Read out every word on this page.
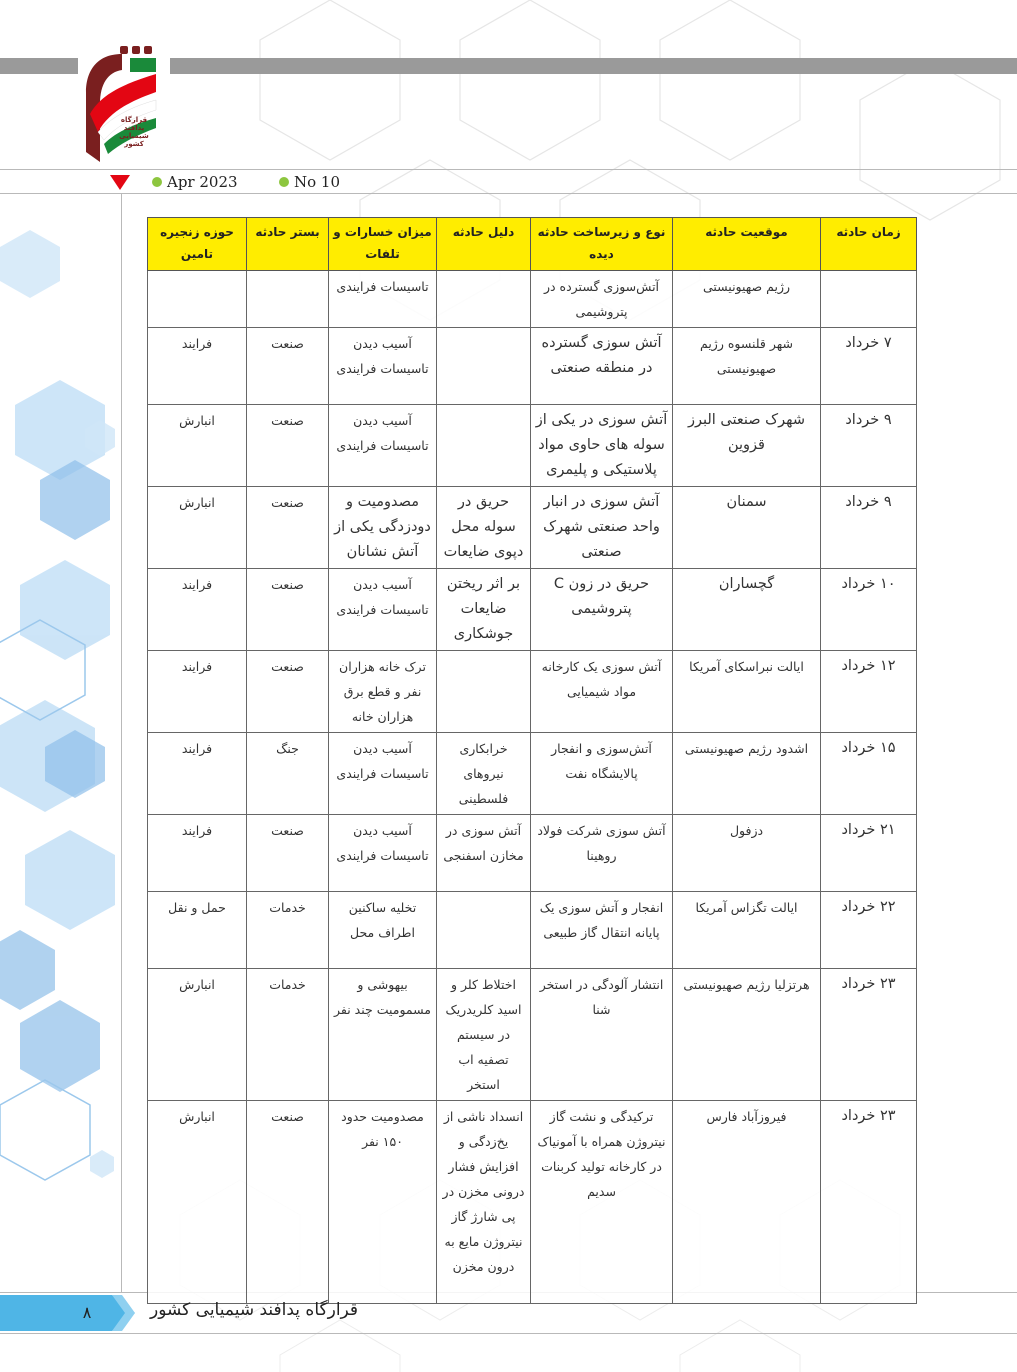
قرارگاه
پدافند
شیمیایی
کشور
Apr 2023	No 10
زمان حادثه	موقعیت حادثه	نوع و زیرساخت حادثه دیده	دلیل حادثه	میزان خسارات و تلفات	بستر حادثه	حوزه زنجیره تامین
	رژیم صهیونیستی	آتش‌سوزی گسترده در پتروشیمی		تاسیسات فرایندی		
۷ خرداد	شهر قلنسوه رژیم صهیونیستی	آتش سوزی گسترده در منطقه صنعتی		آسیب دیدن تاسیسات فرایندی	صنعت	فرایند
۹ خرداد	شهرک صنعتی البرز قزوین	آتش سوزی در یکی از سوله های حاوی مواد پلاستیکی و پلیمری		آسیب دیدن تاسیسات فرایندی	صنعت	انبارش
۹ خرداد	سمنان	آتش سوزی در انبار واحد صنعتی شهرک صنعتی	حریق در سوله محل دپوی ضایعات	مصدومیت و دودزدگی یکی از آتش نشانان	صنعت	انبارش
۱۰ خرداد	گچساران	حریق در زون C پتروشیمی	بر اثر ریختن ضایعات جوشکاری	آسیب دیدن تاسیسات فرایندی	صنعت	فرایند
۱۲ خرداد	ایالت نبراسکای آمریکا	آتش سوزی یک کارخانه مواد شیمیایی		ترک خانه هزاران نفر و قطع برق هزاران خانه	صنعت	فرایند
۱۵ خرداد	اشدود رژیم صهیونیستی	آتش‌سوزی و انفجار پالایشگاه نفت	خرابکاری نیروهای فلسطینی	آسیب دیدن تاسیسات فرایندی	جنگ	فرایند
۲۱ خرداد	دزفول	آتش سوزی شرکت فولاد روهینا	آتش سوزی در مخازن اسفنجی	آسیب دیدن تاسیسات فرایندی	صنعت	فرایند
۲۲ خرداد	ایالت تگزاس آمریکا	انفجار و آتش سوزی یک پایانه انتقال گاز طبیعی		تخلیه ساکنین اطراف محل	خدمات	حمل و نقل
۲۳ خرداد	هرتزلیا رژیم صهیونیستی	انتشار آلودگی در استخر شنا	اختلاط کلر و اسید کلریدریک در سیستم تصفیه اب استخر	بیهوشی و مسمومیت چند نفر	خدمات	انبارش
۲۳ خرداد	فیروزآباد فارس	ترکیدگی و نشت گاز نیتروژن همراه با آمونیاک در کارخانه تولید کربنات سدیم	انسداد ناشی از یخ‌زدگی و افزایش فشار درونی مخزن در پی شارژ گاز نیتروژن مایع به درون مخزن	مصدومیت حدود ۱۵۰ نفر	صنعت	انبارش
۸	قرارگاه پدافند شیمیایی کشور
